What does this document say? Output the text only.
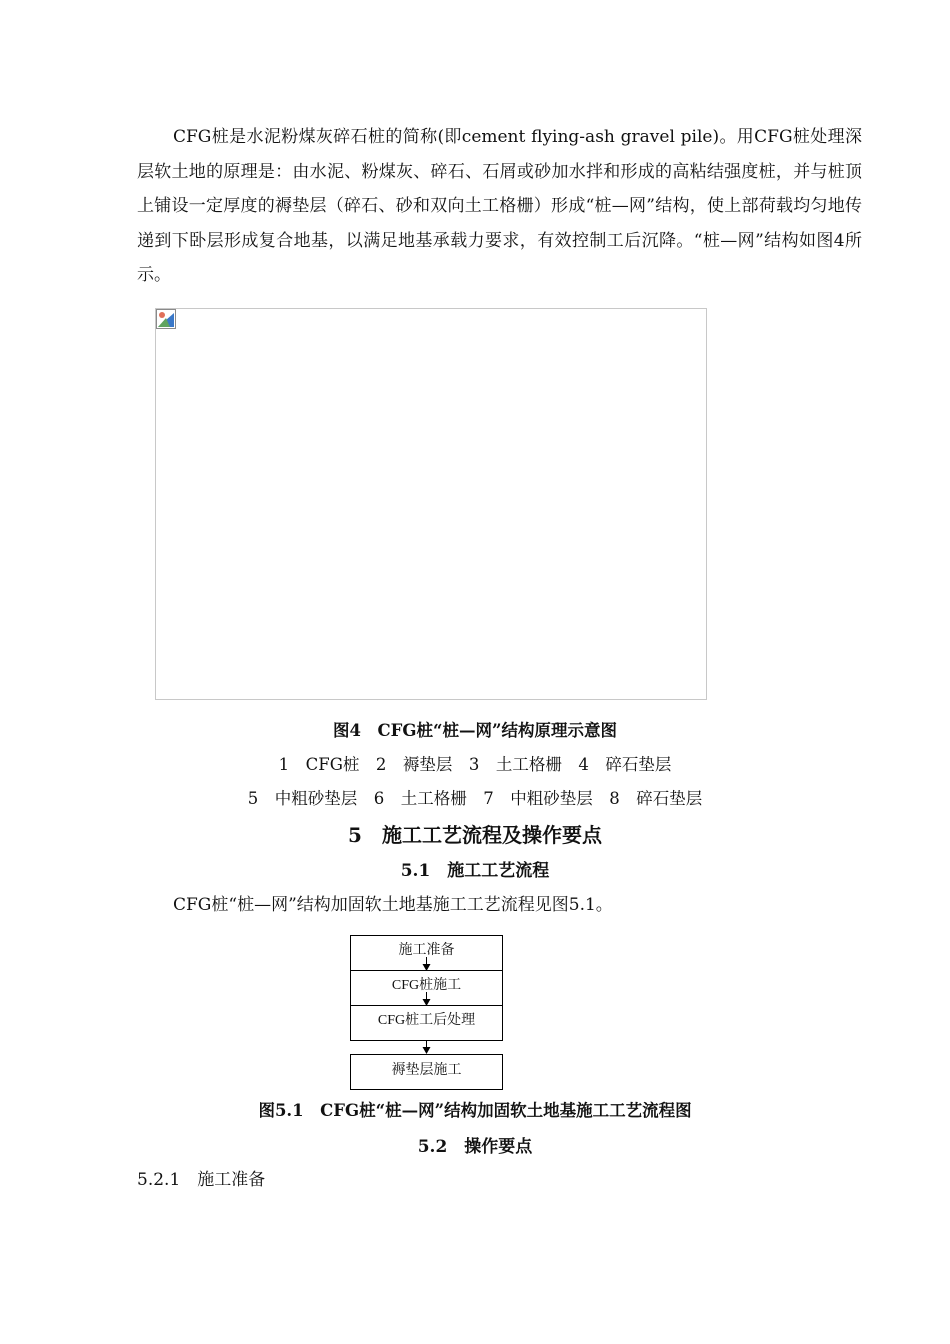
CFG桩是水泥粉煤灰碎石桩的简称(即cement flying-ash gravel pile)。用CFG桩处理深层软土地的原理是：由水泥、粉煤灰、碎石、石屑或砂加水拌和形成的高粘结强度桩，并与桩顶上铺设一定厚度的褥垫层（碎石、砂和双向土工格栅）形成“桩—网”结构，使上部荷载均匀地传递到下卧层形成复合地基，以满足地基承载力要求，有效控制工后沉降。“桩—网”结构如图4所示。

图4　CFG桩“桩—网”结构原理示意图

1　CFG桩　2　褥垫层　3　土工格栅　4　碎石垫层

5　中粗砂垫层　6　土工格栅　7　中粗砂垫层　8　碎石垫层

5　施工工艺流程及操作要点

5.1　施工工艺流程

CFG桩“桩—网”结构加固软土地基施工工艺流程见图5.1。

施工准备
CFG桩施工
CFG桩工后处理
褥垫层施工

图5.1　CFG桩“桩—网”结构加固软土地基施工工艺流程图

5.2　操作要点

5.2.1　施工准备
